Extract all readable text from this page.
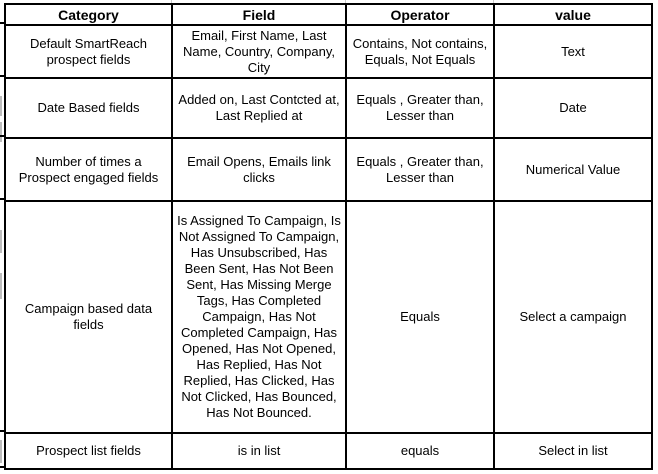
Category	Field	Operator	value
Default SmartReach prospect fields	Email, First Name, Last Name, Country, Company, City	Contains, Not contains, Equals, Not Equals	Text
Date Based fields	Added on, Last Contcted at, Last Replied at	Equals , Greater than, Lesser than	Date
Number of times a Prospect engaged fields	Email Opens, Emails link clicks	Equals , Greater than, Lesser than	Numerical Value
Campaign based data fields	Is Assigned To Campaign, Is Not Assigned To Campaign, Has Unsubscribed, Has Been Sent, Has Not Been Sent, Has Missing Merge Tags, Has Completed Campaign, Has Not Completed Campaign, Has Opened, Has Not Opened, Has Replied, Has Not Replied, Has Clicked, Has Not Clicked, Has Bounced, Has Not Bounced.	Equals	Select a campaign
Prospect list fields	is in list	equals	Select in list
